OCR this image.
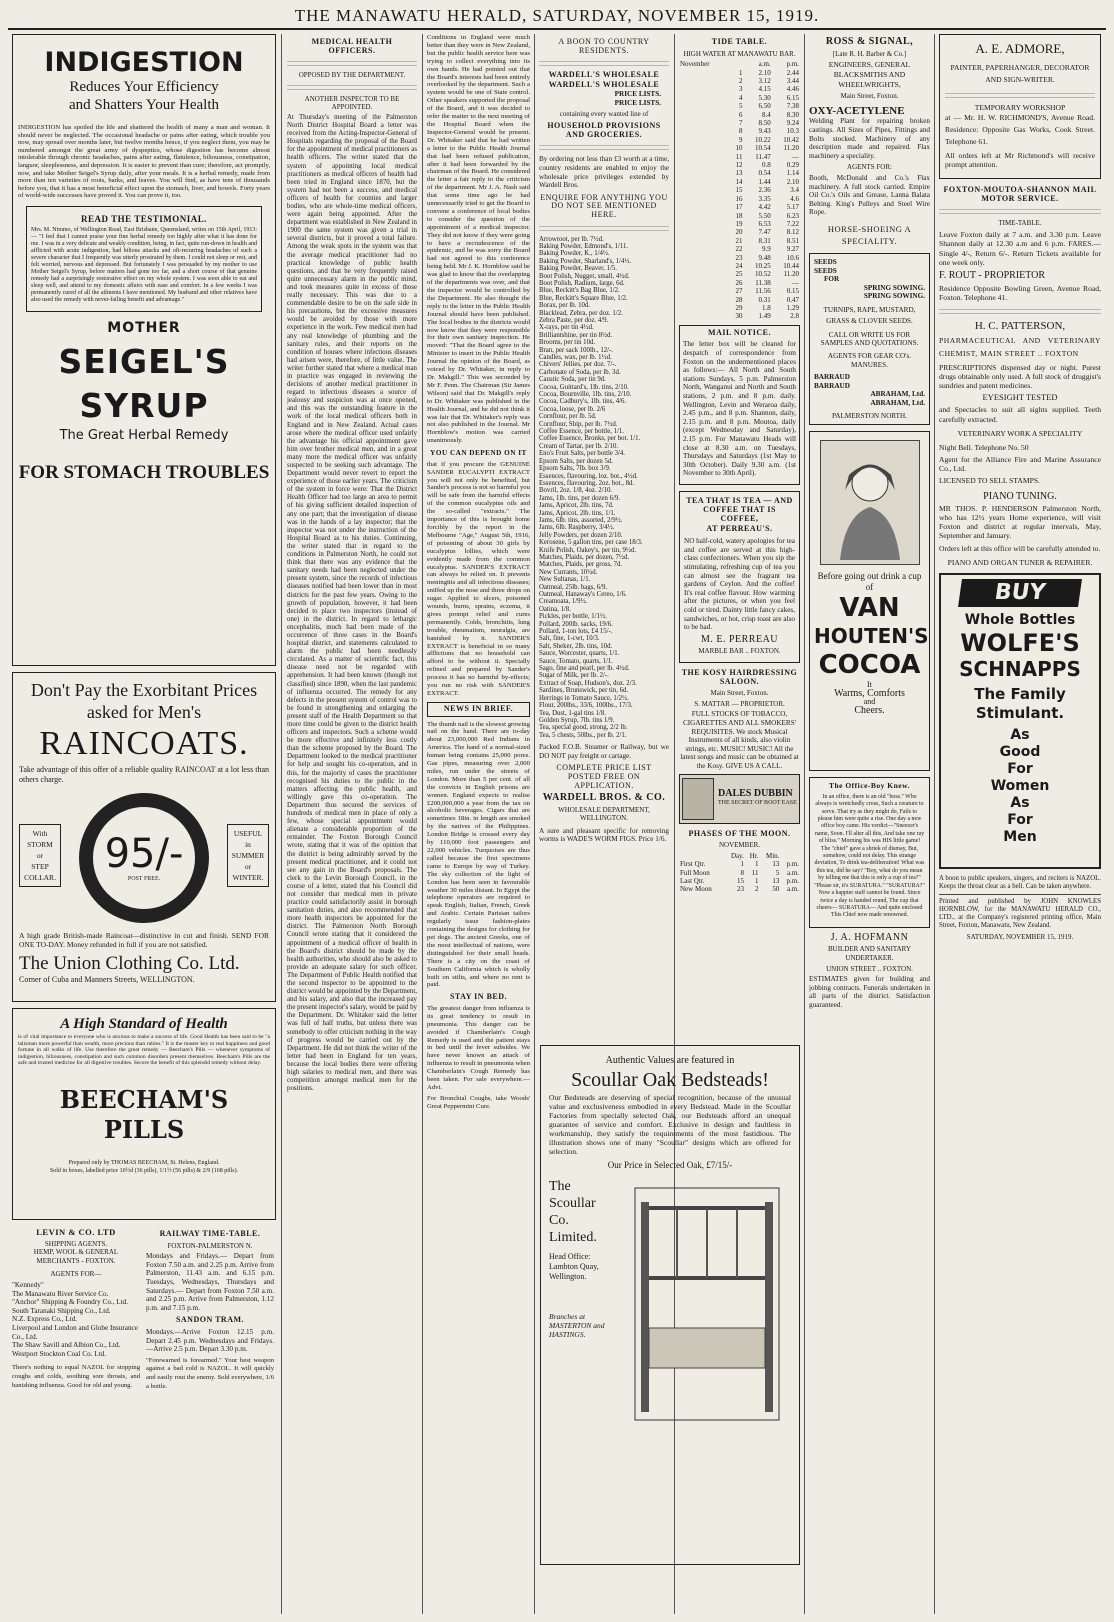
THE MANAWATU HERALD, SATURDAY, NOVEMBER 15, 1919.
INDIGESTION
Reduces Your Efficiency
and Shatters Your Health

INDIGESTION has spoiled the life and shattered the health of many a man and woman. It should never be neglected. The occasional headache or pains after eating, which trouble you now, may spread over months later, but twelve months hence, if you neglect them, you may be numbered amongst the great army of dyspeptics, whose digestion has become almost intolerable through chronic headaches, pains after eating, flatulence, biliousness, constipation, languor, sleeplessness, and depression. It is easier to prevent than cure; therefore, act promptly, now, and take Mother Seigel's Syrup daily, after your meals. It is a herbal remedy, made from more than ten varieties of roots, barks, and leaves. You will find, as have tens of thousands before you, that it has a most beneficial effect upon the stomach, liver, and bowels. Forty years of world-wide successes have proved it. You can prove it, too.

READ THE TESTIMONIAL.

Mrs. M. Nimmo, of Wellington Road, East Brisbane, Queensland, writes on 15th April, 1913:— "I feel that I cannot praise your fine herbal remedy too highly after what it has done for me. I was in a very delicate and weakly condition, being, in fact, quite run-down in health and afflicted with acute indigestion, bad bilious attacks and oft-recurring headaches of such a severe character that I frequently was utterly prostrated by them. I could not sleep or rest, and felt worried, nervous and depressed. But fortunately I was persuaded by my mother to use Mother Seigel's Syrup, before matters had gone too far, and a short course of that genuine remedy had a surprisingly restorative effect on my whole system. I was soon able to eat and sleep well, and attend to my domestic affairs with ease and comfort. In a few weeks I was permanently cured of all the ailments I have mentioned. My husband and other relatives have also used the remedy with never-failing benefit and advantage."

MOTHER
SEIGEL'S SYRUP
The Great Herbal Remedy
FOR STOMACH TROUBLES
Don't Pay the Exorbitant Prices
asked for Men's
RAINCOATS.

Take advantage of this offer of a reliable quality RAINCOAT at a lot less than others charge.

With
STORM
or
STEP
COLLAR.
95/-
POST FREE.
USEFUL
in
SUMMER
or
WINTER.

A high grade British-made Raincoat—distinctive in cut and finish. SEND FOR ONE TO-DAY. Money refunded in full if you are not satisfied.

The Union Clothing Co. Ltd.
Corner of Cuba and Manners Streets, WELLINGTON.
A High Standard of Health

is of vital importance to everyone who is anxious to make a success of life. Good Health has been said to be "a talisman more powerful than wealth, more precious than rubies." It is the master key to real happiness and good fortune in all walks of life. Use therefore the great remedy — Beecham's Pills — whenever symptoms of indigestion, biliousness, constipation and such common disorders present themselves. Beecham's Pills are the safe and trusted medicine for all digestive troubles. Secure the benefit of this splendid remedy without delay.

BEECHAM'S PILLS
Prepared only by THOMAS BEECHAM, St. Helens, England.
Sold in boxes, labelled price 10½d (36 pills), 1/1½ (56 pills) & 2/9 (168 pills).
LEVIN & CO. LTD
SHIPPING AGENTS.
HEMP, WOOL & GENERAL MERCHANTS - FOXTON.
AGENTS FOR—
"Kennedy"
The Manawatu River Service Co.
"Anchor" Shipping & Foundry Co., Ltd.
South Taranaki Shipping Co., Ltd.
N.Z. Express Co., Ltd.
Liverpool and London and Globe Insurance Co., Ltd.
The Shaw Savill and Albion Co., Ltd.
Westport Stockton Coal Co. Ltd.

There's nothing to equal NAZOL for stopping coughs and colds, soothing sore throats, and banishing influenza. Good for old and young.

RAILWAY TIME-TABLE.
FOXTON-PALMERSTON N.

Mondays and Fridays.— Depart from Foxton 7.50 a.m. and 2.25 p.m. Arrive from Palmerston, 11.43 a.m. and 6.15 p.m. Tuesdays, Wednesdays, Thursdays and Saturdays.— Depart from Foxton 7.50 a.m. and 2.25 p.m. Arrive from Palmerston, 1.12 p.m. and 7.15 p.m.

SANDON TRAM.

Mondays.—Arrive Foxton 12.15 p.m. Depart 2.45 p.m. Wednesdays and Fridays.—Arrive 2.5 p.m. Depart 3.30 p.m.

"Forewarned is forearmed." Your best weapon against a bad cold is NAZOL. It will quickly and easily rout the enemy. Sold everywhere, 1/6 a bottle.

MEDICAL HEALTH OFFICERS.
OPPOSED BY THE DEPARTMENT.
ANOTHER INSPECTOR TO BE APPOINTED.

At Thursday's meeting of the Palmerston North District Hospital Board a letter was received from the Acting-Inspector-General of Hospitals regarding the proposal of the Board for the appointment of medical practitioners as health officers. The writer stated that the system of appointing local medical practitioners as medical officers of health had been tried in England since 1870, but the system had not been a success, and medical officers of health for counties and larger bodies, who are whole-time medical officers, were again being appointed. After the department was established in New Zealand in 1900 the same system was given a trial in several districts, but it proved a total failure. Among the weak spots in the system was that the average medical practitioner had no practical knowledge of public health questions, and that he very frequently raised quite unnecessary alarm in the public mind, and took measures quite in excess of those really necessary. This was due to a commendable desire to be on the safe side in his precautions, but the excessive measures would be avoided by those with more experience in the work. Few medical men had any real knowledge of plumbing and the sanitary rules, and their reports on the condition of houses where infectious diseases had arisen were, therefore, of little value. The writer further stated that where a medical man in practice was engaged in reviewing the decisions of another medical practitioner in regard to infectious diseases a source of jealousy and suspicion was at once opened, and this was the outstanding feature in the work of the local medical officers both in England and in New Zealand. Actual cases arose where the medical officer used unfairly the advantage his official appointment gave him over brother medical men, and in a great many more the medical officer was unfairly suspected to be seeking such advantage. The Department would never revert to report the experience of those earlier years. The criticism of the system in force were: That the District Health Officer had too large an area to permit of his giving sufficient detailed inspection of any one part; that the investigation of disease was in the hands of a lay inspector; that the inspector was not under the instruction of the Hospital Board as to his duties. Continuing, the writer stated that in regard to the conditions in Palmerston North, he could not think that there was any evidence that the sanitary needs had been neglected under the present system, since the records of infectious diseases notified had been lower than in most districts for the past few years. Owing to the growth of population, however, it had been decided to place two inspectors (instead of one) in the district. In regard to lethargic encephalitis, much had been made of the occurrence of three cases in the Board's hospital district, and statements calculated to alarm the public had been needlessly circulated. As a matter of scientific fact, this disease need not be regarded with apprehension. It had been known (though not classified) since 1890, when the last pandemic of influenza occurred. The remedy for any defects in the present system of control was to be found in strengthening and enlarging the present staff of the Health Department so that more time could be given to the district health officers and inspectors. Such a scheme would be more effective and infinitely less costly than the scheme proposed by the Board. The Department looked to the medical practitioner for help and sought his co-operation, and in this, for the majority of cases the practitioner recognised his duties to the public in the matters affecting the public health, and willingly gave this co-operation. The Department thus secured the services of hundreds of medical men in place of only a few, whose special appointment would alienate a considerable proportion of the remainder. The Foxton Borough Council wrote, stating that it was of the opinion that the district is being admirably served by the present medical practitioner, and it could not see any gain in the Board's proposals. The clerk to the Levin Borough Council, in the course of a letter, stated that his Council did not consider that medical men in private practice could satisfactorily assist in borough sanitation duties, and also recommended that more health inspectors be appointed for the district. The Palmerston North Borough Council wrote stating that it considered the appointment of a medical officer of health in the Board's district should be made by the health authorities, who should also be asked to provide an adequate salary for such officer. The Department of Public Health notified that the second inspector to be appointed to the district would be appointed by the Department, and his salary, and also that the increased pay the present inspector's salary, would be paid by the Department. Dr. Whitaker said the letter was full of half truths, but unless there was somebody to offer criticism nothing in the way of progress would be carried out by the Department. He did not think the writer of the letter had been in England for ten years, because the local bodies there were offering high salaries to medical men, and there was competition amongst medical men for the positions.

Conditions in England were much better than they were in New Zealand, but the public health service here was trying to collect everything into its own hands. He had pointed out that the Board's interests had been entirely overlooked by the department. Such a system would be one of State control. Other speakers supported the proposal of the Board, and it was decided to refer the matter to the next meeting of the Hospital Board when the Inspector-General would be present. Dr. Whitaker said that he had written a letter to the Public Health Journal that had been refused publication, after it had been forwarded by the chairman of the Board. He considered the letter a fair reply to the criticism of the department. Mr J. A. Nash said that some time ago he had unnecessarily tried to get the Board to convene a conference of local bodies to consider the question of the appointment of a medical inspector. They did not know if they were going to have a recrudescence of the epidemic, and he was sorry the Board had not agreed to this conference being held. Mr J. K. Hornblow said he was glad to know that the overlapping of the departments was over, and that the inspector would be controlled by the Department. He also thought the reply to the letter in the Public Health Journal should have been published. The local bodies in the districts would now know that they were responsible for their own sanitary inspection. He moved: "That the Board agree to the Minister to insert in the Public Health Journal the opinion of the Board, as voiced by Dr. Whitaker, in reply to Dr. Makgill." This was seconded by Mr F. Penn. The Chairman (Sir James Wilson) said that Dr. Makgill's reply to Dr. Whitaker was published in the Health Journal, and he did not think it was fair that Dr. Whitaker's reply was not also published in the Journal. Mr Hornblow's motion was carried unanimously.

YOU CAN DEPEND ON IT

that if you procure the GENUINE SANDER EUCALYPTI EXTRACT you will not only be benefited, but Sander's process is not so harmful you will be safe from the harmful effects of the common eucalyptus oils and the so-called "extracts." The importance of this is brought home forcibly by the report in the Melbourne "Age," August 5th, 1916, of poisoning of about 30 girls by eucalyptus lollies, which were evidently made from the common eucalyptus. SANDER'S EXTRACT can always be relied on. It prevents meningitis and all infectious diseases; sniffed up the nose and three drops on sugar. Applied to ulcers, poisoned wounds, burns, sprains, eczema, it gives prompt relief and cures permanently. Colds, bronchitis, lung trouble, rheumatism, neuralgia, are banished by it. SANDER'S EXTRACT is beneficial in so many afflictions that no household can afford to be without it. Specially refined and prepared by Sander's process it has no harmful by-effects; you run no risk with SANDER'S EXTRACT.

NEWS IN BRIEF.

The thumb nail is the slowest growing nail on the hand. There are to-day about 23,000,000 Red Indians in America. The hand of a normal-sized human being contains 25,000 pores. Gas pipes, measuring over 2,000 miles, run under the streets of London. More than 5 per cent. of all the convicts in English prisons are women. England expects to realise £200,000,000 a year from the tax on alcoholic beverages. Cigars that are sometimes 18in. in length are smoked by the natives of the Philippines. London Bridge is crossed every day by 110,000 foot passengers and 22,000 vehicles. Turquoises are thus called because the first specimens came to Europe by way of Turkey. The sky collection of the light of London has been seen in favourable weather 30 miles distant. In Egypt the telephone operators are required to speak English, Italian, French, Greek and Arabic. Certain Parisian tailors regularly issue fashion-plates containing the designs for clothing for pet dogs. The ancient Greeks, one of the most intellectual of nations, were distinguished for their small heads. There is a city on the coast of Southern California which is wholly built on stilts, and where no rent is paid.

STAY IN BED.

The greatest danger from influenza is its great tendency to result in pneumonia. This danger can be avoided if Chamberlain's Cough Remedy is used and the patient stays in bed until the fever subsides. We have never known an attack of influenza to result in pneumonia when Chamberlain's Cough Remedy has been taken. For sale everywhere.—Advt.

For Bronchial Coughs, take Woods' Great Peppermint Cure.

A BOON TO COUNTRY RESIDENTS.
WARDELL'S WHOLESALE
WARDELL'S WHOLESALE
PRICE LISTS.
PRICE LISTS.
containing every wanted line of
HOUSEHOLD PROVISIONS AND GROCERIES.

By ordering not less than £3 worth at a time, country residents are enabled to enjoy the wholesale price privileges extended by Wardell Bros.

ENQUIRE FOR ANYTHING YOU DO NOT SEE MENTIONED HERE.
Arrowroot, per lb. 7½d.
Baking Powder, Edmond's, 1/11.
Baking Powder, K., 1/4½.
Baking Powder, Sharland's, 1/4½.
Baking Powder, Beaver, 1/5.
Boot Polish, Nugget, small, 4½d.
Boot Polish, Radium, large, 6d.
Blue, Reckitt's Bag Blue, 1/2.
Blue, Reckitt's Square Blue, 1/2.
Borax, per lb. 10d.
Blacklead, Zebra, per doz. 1/2.
Zebra Paste, per doz. 4/9.
X-rays, per tin 4½d.
Brilliantshine, per tin 8½d.
Brooms, per tin 10d.
Bran, per sack 100lb., 12/-.
Candles, wax, per lb. 1½d.
Chivers' Jellies, per doz. 7/-.
Carbonate of Soda, per lb. 3d.
Caustic Soda, per tin 9d.
Cocoa, Guittard's, 1lb. tins, 2/10.
Cocoa, Bournville, 1lb. tins, 2/10.
Cocoa, Cadbury's, 1lb. tins, 4/6.
Cocoa, loose, per lb. 2/6
Cornflour, per lb. 5d.
Cornflour, Ship, per lb. 7½d.
Coffee Essence, per bottle, 1/1.
Coffee Essence, Bronks, per bot. 1/1.
Cream of Tartar, per lb. 2/10.
Eno's Fruit Salts, per bottle 3/4.
Epsom Salts, per dozen 5d.
Epsom Salts, 7lb. box 3/9.
Essences, flavouring, loz. bot., 4½d.
Essences, flavouring, 2oz. bot., 8d.
Bovril, 2oz. 1/8, 4oz. 2/10.
Jams, 1lb. tins, per dozen 6/9.
Jams, Apricot, 2lb. tins, 7d.
Jams, Apricot, 2lb. tins, 1/1.
Jams, 6lb. tins, assorted, 2/9½.
Jams, 6lb. Raspberry, 3/4½.
Jelly Powders, per dozen 2/10.
Kerosene, 5 gallon tins, per case 18/3.
Knife Polish, Oakey's, per tin, 9½d.
Matches, Plaids, per dozen, 7½d.
Matches, Plaids, per gross, 7d.
New Currants, 10½d.
New Sultanas, 1/1.
Oatmeal, 25lb. bags, 6/9.
Oatmeal, Hanaway's Cereo, 1/6.
Creamoata, 1/9½.
Oatina, 1/8.
Pickles, per bottle, 1/1½.
Pollard, 200lb. sacks, 19/6.
Pollard, 1-ton lots, £4 15/-.
Salt, fine, 1-cwt, 10/3.
Salt, Sheker, 2lb. tins, 10d.
Sauce, Worcester, quarts, 1/1.
Sauce, Tomato, quarts, 1/1.
Sago, fine and pearl, per lb. 4½d.
Sugar of Milk, per lb. 2/-.
Extract of Soap, Hudson's, doz. 2/3.
Sardines, Brunswick, per tin, 6d.
Herrings in Tomato Sauce, 1/2½.
Flour, 200lbs., 33/6, 100lbs., 17/3.
Tea, Dust, 1-gal tins 1/8.
Golden Syrup, 7lb. tins 1/9.
Tea, special good, strong, 2/2 lb.
Tea, 5 chests, 50lbs., per lb. 2/1.

Packed F.O.B. Steamer or Railway, but we DO NOT pay freight or cartage.

COMPLETE PRICE LIST POSTED FREE ON APPLICATION.
WARDELL BROS. & CO.
WHOLESALE DEPARTMENT, WELLINGTON.

A sure and pleasant specific for removing worms is WADE'S WORM FIGS. Price 1/6.

TIDE TABLE.
HIGH WATER AT MANAWATU BAR.
November		a.m.	p.m.
	1	2.10	2.44
	2	3.12	3.44
	3	4.15	4.46
	4	5.30	6.15
	5	6.50	7.38
	6	8.4	8.30
	7	8.50	9.24
	8	9.43	10.3
	9	10.22	10.42
	10	10.54	11.20
	11	11.47	—
	12	0.8	0.29
	13	0.54	1.14
	14	1.44	2.10
	15	2.36	3.4
	16	3.35	4.6
	17	4.42	5.17
	18	5.50	6.23
	19	6.53	7.22
	20	7.47	8.12
	21	8.31	8.51
	22	9.9	9.27
	23	9.48	10.6
	24	10.25	10.44
	25	10.52	11.20
	26	11.38	—
	27	11.56	0.15
	28	0.31	0.47
	29	1.8	1.29
	30	1.49	2.8
MAIL NOTICE.

The letter box will be cleared for despatch of correspondence from Foxton on the undermentioned places as follows:— All North and South stations Sundays, 5 p.m. Palmerston North, Wanganui and North and South stations, 2 p.m. and 8 p.m. daily. Wellington, Levin and Weraroa daily, 2.45 p.m., and 8 p.m. Shannon, daily, 2.15 p.m. and 8 p.m. Moutoa, daily (except Wednesday and Saturday), 2.15 p.m. For Manawatu Heads will close at 8.30 a.m. on Tuesdays, Thursdays and Saturdays (1st May to 30th October). Daily 9.30 a.m. (1st November to 30th April).

TEA THAT IS TEA — AND
COFFEE THAT IS COFFEE,
AT PERREAU'S.

NO half-cold, watery apologies for tea and coffee are served at this high-class confectioners. When you sip the stimulating, refreshing cup of tea you can almost see the fragrant tea gardens of Ceylon. And the coffee! It's real coffee flavour. How warming after the pictures, or when you feel cold or tired. Dainty little fancy cakes, sandwiches, or hot, crisp toast are also to be had.

M. E. PERREAU
MARBLE BAR .. FOXTON.
THE KOSY HAIRDRESSING SALOON.
Main Street, Foxton.
S. MATTAR — PROPRIETOR.

FULL STOCKS OF TOBACCO, CIGARETTES AND ALL SMOKERS' REQUISITES. We stock Musical Instruments of all kinds, also violin strings, etc. MUSIC! MUSIC! All the latest songs and music can be obtained at the Kosy. GIVE US A CALL.

DALES DUBBIN
THE SECRET OF BOOT EASE
PHASES OF THE MOON.
NOVEMBER.
	Day.	Hr.	Min.	
First Qtr.	1	1	13	p.m.
Full Moon	8	11	5	a.m.
Last Qtr.	15	1	13	p.m.
New Moon	23	2	50	a.m.
Authentic Values are featured in
Scoullar Oak Bedsteads!

Our Bedsteads are deserving of special recognition, because of the unusual value and exclusiveness embodied in every Bedstead. Made in the Scoullar Factories from specially selected Oak, our Bedsteads afford an unequal guarantee of service and comfort. Exclusive in design and faultless in workmanship, they satisfy the requirements of the most fastidious. The illustration shows one of many "Scoullar" designs which are offered for selection.

Our Price in Selected Oak, £7/15/-
The Scoullar Co. Limited.
Head Office: Lambton Quay, Wellington.
Branches at MASTERTON and HASTINGS.
ROSS & SIGNAL,
[Late R. H. Barber & Co.]
ENGINEERS, GENERAL BLACKSMITHS AND WHEELWRIGHTS,
Main Street, Foxton.
OXY-ACETYLENE

Welding Plant for repairing broken castings. All Sizes of Pipes, Fittings and Bolts stocked. Machinery of any description made and repaired. Flax machinery a speciality.

AGENTS FOR:

Booth, McDonald and Co.'s Flax machinery. A full stock carried. Empire Oil Co.'s Oils and Grease, Lanna Balata Belting. King's Pulleys and Steel Wire Rope.

HORSE-SHOEING A SPECIALITY.
SEEDS
SEEDS
FOR
SPRING SOWING.
SPRING SOWING.
TURNIPS, RAPE, MUSTARD, GRASS & CLOVER SEEDS.
CALL OR WRITE US FOR SAMPLES AND QUOTATIONS.
AGENTS FOR GEAR CO's. MANURES.
BARRAUD
BARRAUD
ABRAHAM, Ltd.
ABRAHAM, Ltd.
PALMERSTON NORTH.
Before going out drink a cup of
VAN
HOUTEN'S
COCOA
It
Warms, Comforts
and
Cheers.
The Office-Boy Knew.

In an office, there is an old "boss." Who always is wretchedly cross, Such a creature to serve. That try as they might do, Fails to please him were quite a rise. One day a new office boy came. His verdict—"Sneezer's name, Soon. I'll alter all this, And take one ray of bliss." Morning his was HIS little game! The "chief" gave a shriek of dismay, But, somehow, could not delay. This strange deviation, To drink tea-deliberation! What was this tea, did he say? "Boy, what do you mean by telling me that this is only a cup of tea?" "Please sir, it's SURATURA." "SURATURA?" Now a happier staff cannot be found. Since twice a day is handed round, The cup that cheers— SURATURA— And quite enclosed This Chief now made renowned.

J. A. HOFMANN
BUILDER AND SANITARY UNDERTAKER.
UNION STREET .. FOXTON.

ESTIMATES given for building and jobbing contracts. Funerals undertaken in all parts of the district. Satisfaction guaranteed.

A. E. ADMORE,
PAINTER, PAPERHANGER, DECORATOR AND SIGN-WRITER.
TEMPORARY WORKSHOP

at — Mr. H. W. RICHMOND'S, Avenue Road. Residence: Opposite Gas Works, Cook Street. Telephone 61.

All orders left at Mr Richmond's will receive prompt attention.

FOXTON-MOUTOA-SHANNON MAIL MOTOR SERVICE.
TIME-TABLE.

Leave Foxton daily at 7 a.m. and 3.30 p.m. Leave Shannon daily at 12.30 a.m and 6 p.m. FARES.—Single 4/-, Return 6/-. Return Tickets available for one week only.

F. ROUT - PROPRIETOR

Residence Opposite Bowling Green, Avenue Road, Foxton. Telephone 41.

H. C. PATTERSON,

PHARMACEUTICAL AND VETERINARY CHEMIST, MAIN STREET .. FOXTON

PRESCRIPTIONS dispensed day or night. Purest drugs obtainable only used. A full stock of druggist's sundries and patent medicines.

EYESIGHT TESTED

and Spectacles to suit all sights supplied. Teeth carefully extracted.

VETERINARY WORK A SPECIALITY
Night Bell. Telephone No. 50

Agent for the Alliance Fire and Marine Assurance Co., Ltd.

LICENSED TO SELL STAMPS.
PIANO TUNING.

MR THOS. P. HENDERSON Palmerston North, who has 12½ years Home experience, will visit Foxton and district at regular intervals, May, September and January.

Orders left at this office will be carefully attended to.

PIANO AND ORGAN TUNER & REPAIRER.
BUY
Whole Bottles
WOLFE'S
SCHNAPPS
The Family
Stimulant.
As
Good
For
Women
As
For
Men

A boon to public speakers, singers, and reciters is NAZOL. Keeps the throat clear as a bell. Can be taken anywhere.

Printed and published by JOHN KNOWLES HORNBLOW, for the MANAWATU HERALD CO., LTD., at the Company's registered printing office, Main Street, Foxton, Manawatu, New Zealand.

SATURDAY, NOVEMBER 15, 1919.
